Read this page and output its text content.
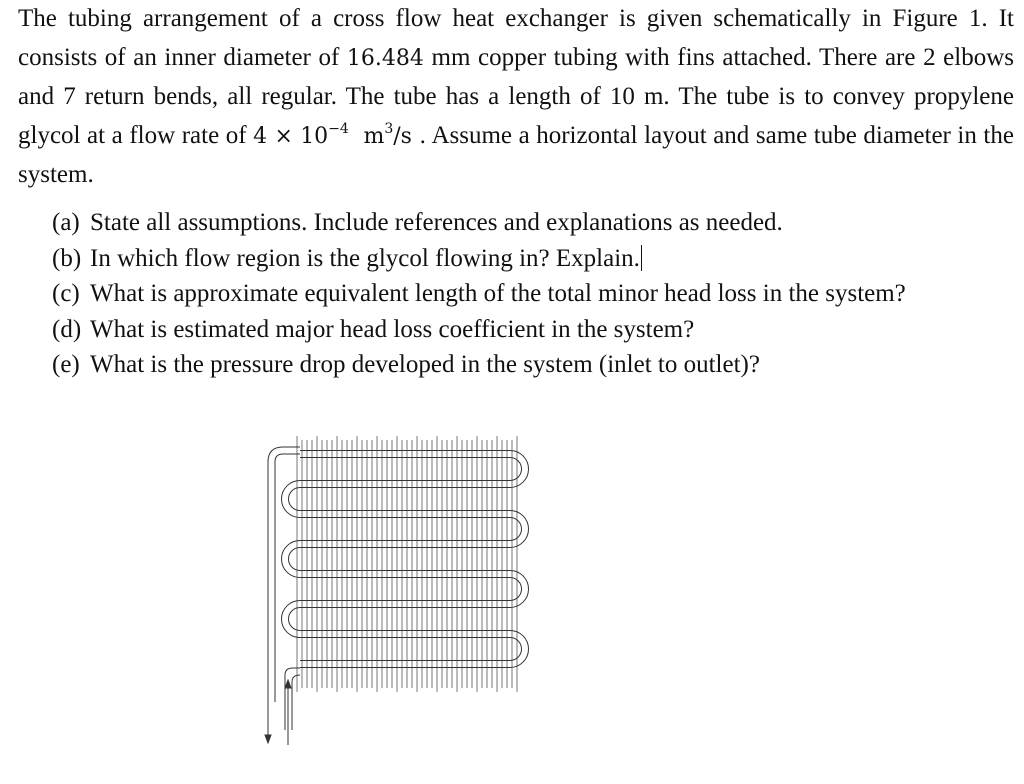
The tubing arrangement of a cross flow heat exchanger is given schematically in Figure 1. It consists of an inner diameter of 16.484 mm copper tubing with fins attached. There are 2 elbows and 7 return bends, all regular. The tube has a length of 10 m. The tube is to convey propylene glycol at a flow rate of $4 \times 10^{-4}$ $m^3/s$ . Assume a horizontal layout and same tube diameter in the system.

(a) State all assumptions. Include references and explanations as needed.
(b) In which flow region is the glycol flowing in? Explain.
(c) What is approximate equivalent length of the total minor head loss in the system?
(d) What is estimated major head loss coefficient in the system?
(e) What is the pressure drop developed in the system (inlet to outlet)?
